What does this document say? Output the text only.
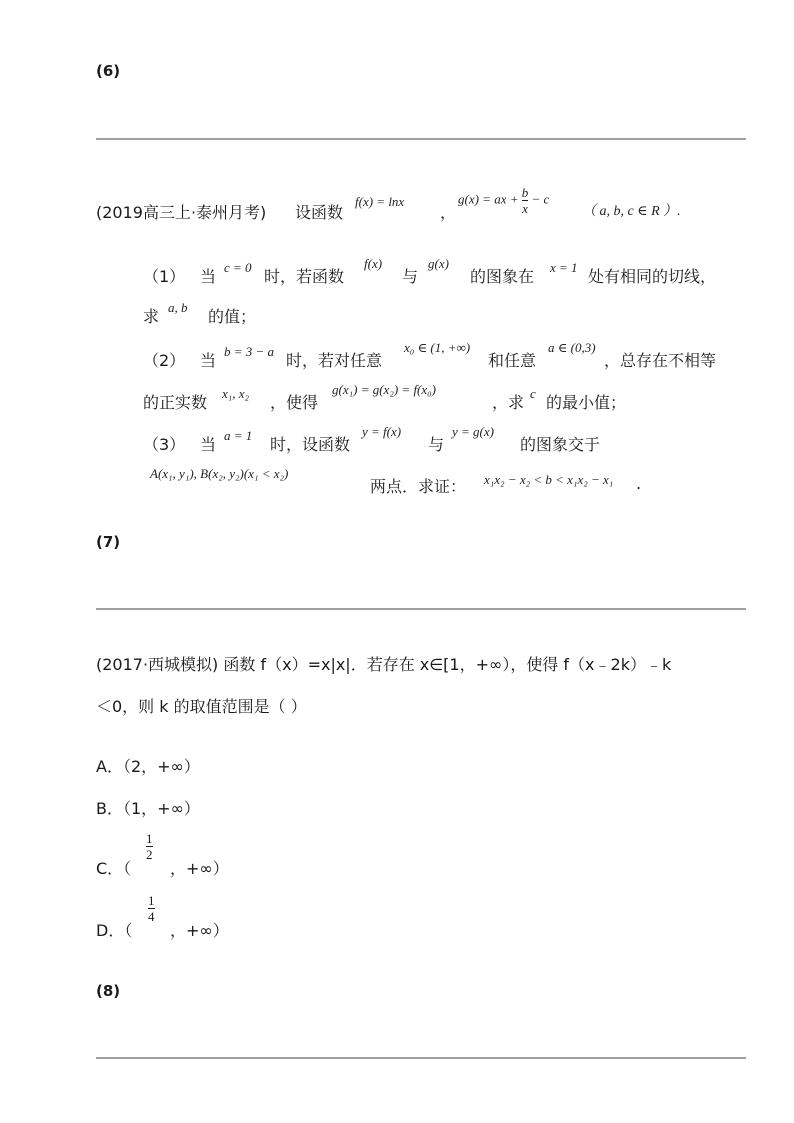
(6)
(2019高三上·泰州月考) 设函数
f(x) = lnx
，
g(x) = ax + $\frac{b}{x} - c$
（ a, b, c ∈ R ）.
（1） 当 c = 0 时，若函数
f(x)
与
g(x)
的图象在 x = 1 处有相同的切线，
求 a, b 的值；
（2） 当 b = 3 − a 时，若对任意
x₀ ∈ (1, +∞)
和任意
a ∈ (0,3)
，总存在不相等
的正实数 x₁, x₂ ，使得
g(x₁) = g(x₂) = f(x₀)
，求 c 的最小值；
（3） 当 a = 1 时，设函数
y = f(x)
与
y = g(x)
的图象交于
A(x₁, y₁), B(x₂, y₂)(x₁ < x₂)
两点．求证： x₁x₂ − x₂ < b < x₁x₂ − x₁ .
(7)
(2017·西城模拟) 函数 f（x）=x|x|．若存在 x∈[1，+∞），使得 f（x﹣2k）﹣k
＜0，则 k 的取值范围是（ ）
A．（2，+∞）
B．（1，+∞）
C．（
$\frac{1}{2}$
，+∞）
D．（
$\frac{1}{4}$
，+∞）
(8)
